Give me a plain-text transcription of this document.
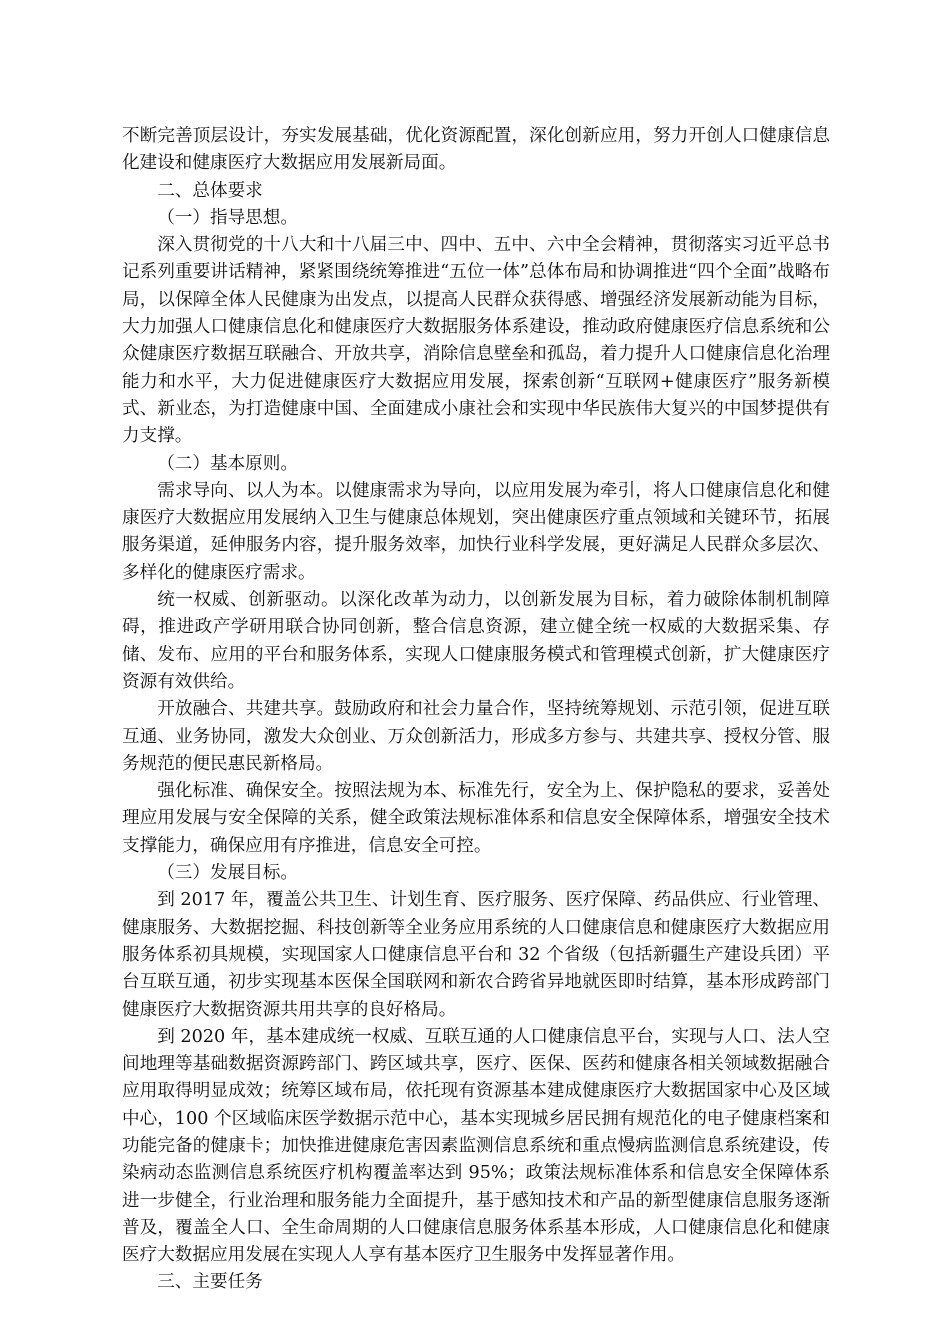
不断完善顶层设计，夯实发展基础，优化资源配置，深化创新应用，努力开创人口健康信息化建设和健康医疗大数据应用发展新局面。

二、总体要求

（一）指导思想。

深入贯彻党的十八大和十八届三中、四中、五中、六中全会精神，贯彻落实习近平总书记系列重要讲话精神，紧紧围绕统筹推进“五位一体”总体布局和协调推进“四个全面”战略布局，以保障全体人民健康为出发点，以提高人民群众获得感、增强经济发展新动能为目标，大力加强人口健康信息化和健康医疗大数据服务体系建设，推动政府健康医疗信息系统和公众健康医疗数据互联融合、开放共享，消除信息壁垒和孤岛，着力提升人口健康信息化治理能力和水平，大力促进健康医疗大数据应用发展，探索创新“互联网+健康医疗”服务新模式、新业态，为打造健康中国、全面建成小康社会和实现中华民族伟大复兴的中国梦提供有力支撑。

（二）基本原则。

需求导向、以人为本。以健康需求为导向，以应用发展为牵引，将人口健康信息化和健康医疗大数据应用发展纳入卫生与健康总体规划，突出健康医疗重点领域和关键环节，拓展服务渠道，延伸服务内容，提升服务效率，加快行业科学发展，更好满足人民群众多层次、多样化的健康医疗需求。

统一权威、创新驱动。以深化改革为动力，以创新发展为目标，着力破除体制机制障碍，推进政产学研用联合协同创新，整合信息资源，建立健全统一权威的大数据采集、存储、发布、应用的平台和服务体系，实现人口健康服务模式和管理模式创新，扩大健康医疗资源有效供给。

开放融合、共建共享。鼓励政府和社会力量合作，坚持统筹规划、示范引领，促进互联互通、业务协同，激发大众创业、万众创新活力，形成多方参与、共建共享、授权分管、服务规范的便民惠民新格局。

强化标准、确保安全。按照法规为本、标准先行，安全为上、保护隐私的要求，妥善处理应用发展与安全保障的关系，健全政策法规标准体系和信息安全保障体系，增强安全技术支撑能力，确保应用有序推进，信息安全可控。

（三）发展目标。

到 2017 年，覆盖公共卫生、计划生育、医疗服务、医疗保障、药品供应、行业管理、健康服务、大数据挖掘、科技创新等全业务应用系统的人口健康信息和健康医疗大数据应用服务体系初具规模，实现国家人口健康信息平台和 32 个省级（包括新疆生产建设兵团）平台互联互通，初步实现基本医保全国联网和新农合跨省异地就医即时结算，基本形成跨部门健康医疗大数据资源共用共享的良好格局。

到 2020 年，基本建成统一权威、互联互通的人口健康信息平台，实现与人口、法人空间地理等基础数据资源跨部门、跨区域共享，医疗、医保、医药和健康各相关领域数据融合应用取得明显成效；统筹区域布局，依托现有资源基本建成健康医疗大数据国家中心及区域中心，100 个区域临床医学数据示范中心，基本实现城乡居民拥有规范化的电子健康档案和功能完备的健康卡；加快推进健康危害因素监测信息系统和重点慢病监测信息系统建设，传染病动态监测信息系统医疗机构覆盖率达到 95%；政策法规标准体系和信息安全保障体系进一步健全，行业治理和服务能力全面提升，基于感知技术和产品的新型健康信息服务逐渐普及，覆盖全人口、全生命周期的人口健康信息服务体系基本形成，人口健康信息化和健康医疗大数据应用发展在实现人人享有基本医疗卫生服务中发挥显著作用。

三、主要任务
